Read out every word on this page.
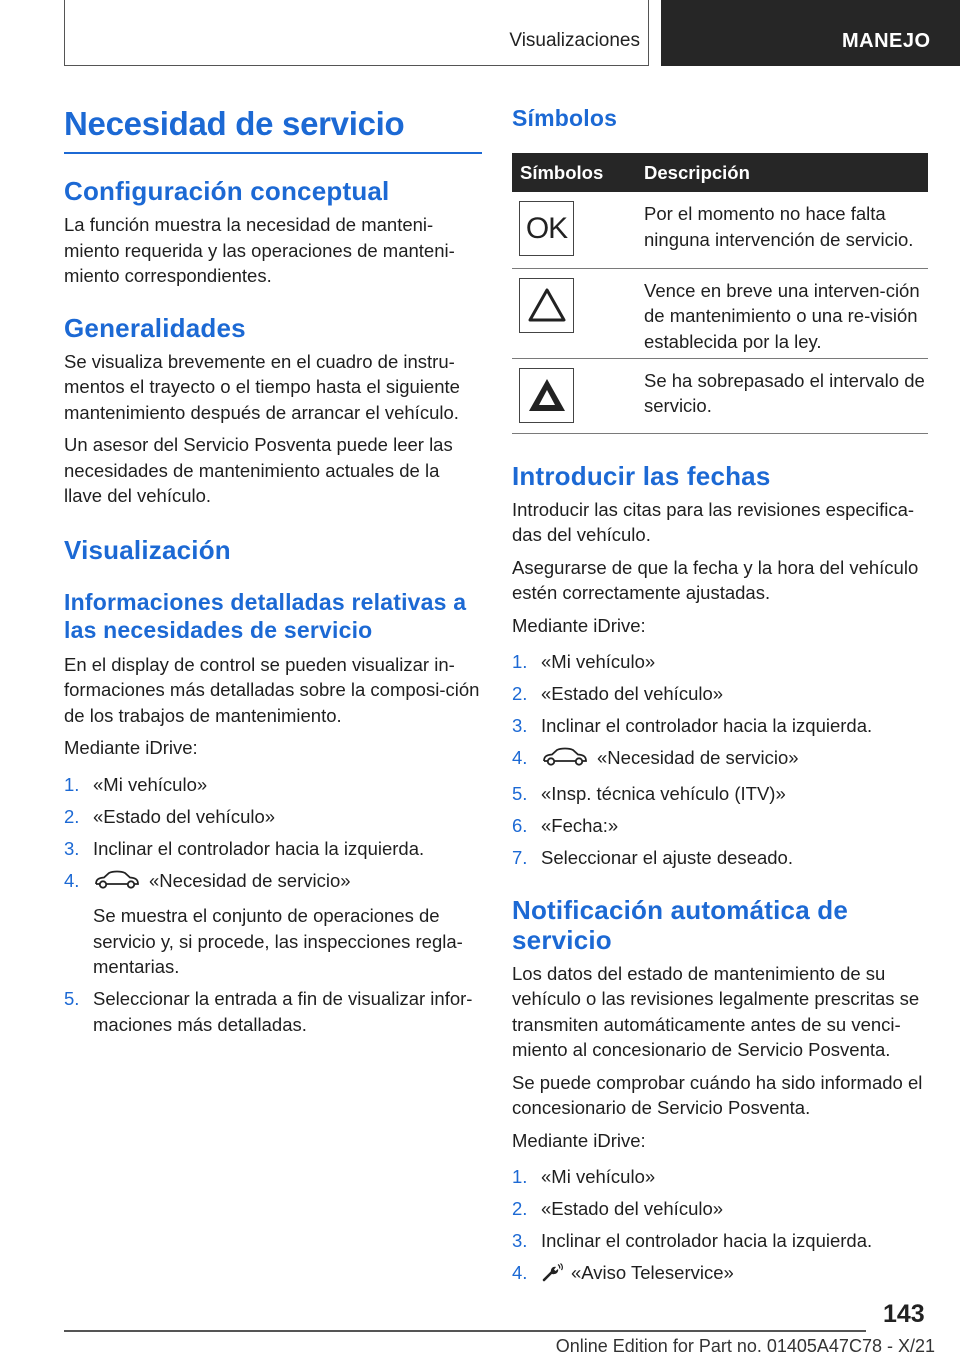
Visualizaciones	MANEJO
Necesidad de servicio
Configuración conceptual

La función muestra la necesidad de manteni-miento requerida y las operaciones de manteni-miento correspondientes.

Generalidades

Se visualiza brevemente en el cuadro de instru-mentos el trayecto o el tiempo hasta el siguiente mantenimiento después de arrancar el vehículo.

Un asesor del Servicio Posventa puede leer las necesidades de mantenimiento actuales de la llave del vehículo.

Visualización
Informaciones detalladas relativas a las necesidades de servicio

En el display de control se pueden visualizar in-formaciones más detalladas sobre la composi-ción de los trabajos de mantenimiento.

Mediante iDrive:

1. «Mi vehículo»
2. «Estado del vehículo»
3. Inclinar el controlador hacia la izquierda.
4.	«Necesidad de servicio»
Se muestra el conjunto de operaciones de servicio y, si procede, las inspecciones regla-mentarias.
5. Seleccionar la entrada a fin de visualizar infor-maciones más detalladas.
Símbolos
Símbolos	Descripción

OK	Por el momento no hace falta ninguna intervención de servicio.

	Vence en breve una interven-ción de mantenimiento o una re-visión establecida por la ley.

	Se ha sobrepasado el intervalo de servicio.
Introducir las fechas

Introducir las citas para las revisiones especifica-das del vehículo.

Asegurarse de que la fecha y la hora del vehículo estén correctamente ajustadas.

Mediante iDrive:

1. «Mi vehículo»
2. «Estado del vehículo»
3. Inclinar el controlador hacia la izquierda.
4.	«Necesidad de servicio»
5. «Insp. técnica vehículo (ITV)»
6. «Fecha:»
7. Seleccionar el ajuste deseado.
Notificación automática de servicio

Los datos del estado de mantenimiento de su vehículo o las revisiones legalmente prescritas se transmiten automáticamente antes de su venci-miento al concesionario de Servicio Posventa.

Se puede comprobar cuándo ha sido informado el concesionario de Servicio Posventa.

Mediante iDrive:

1. «Mi vehículo»
2. «Estado del vehículo»
3. Inclinar el controlador hacia la izquierda.
4. «Aviso Teleservice»
143
Online Edition for Part no. 01405A47C78 - X/21
